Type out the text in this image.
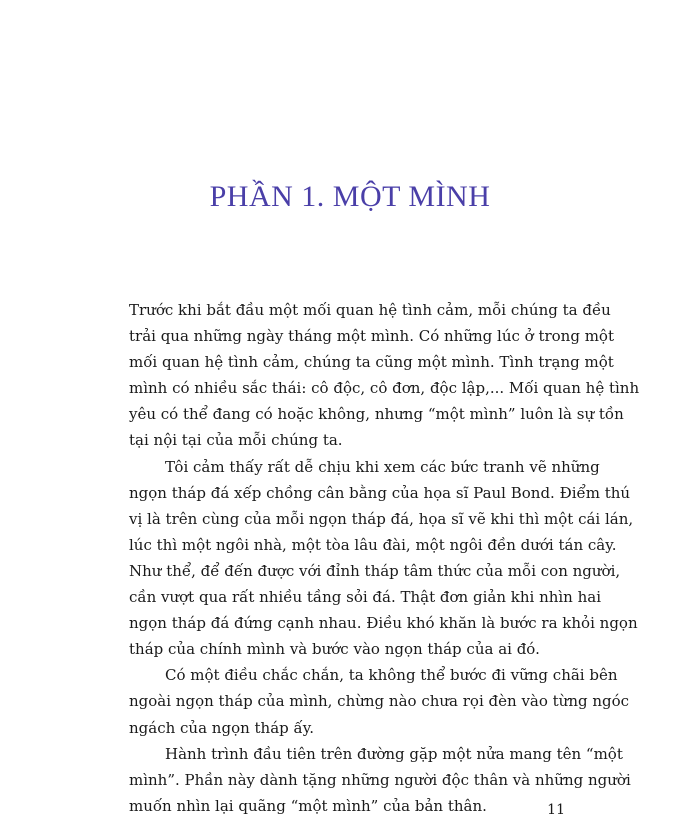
PHẦN 1. MỘT MÌNH
Trước khi bắt đầu một mối quan hệ tình cảm, mỗi chúng ta đều
trải qua những ngày tháng một mình. Có những lúc ở trong một
mối quan hệ tình cảm, chúng ta cũng một mình. Tình trạng một
mình có nhiều sắc thái: cô độc, cô đơn, độc lập,... Mối quan hệ tình
yêu có thể đang có hoặc không, nhưng “một mình” luôn là sự tồn
tại nội tại của mỗi chúng ta.
Tôi cảm thấy rất dễ chịu khi xem các bức tranh vẽ những
ngọn tháp đá xếp chồng cân bằng của họa sĩ Paul Bond. Điểm thú
vị là trên cùng của mỗi ngọn tháp đá, họa sĩ vẽ khi thì một cái lán,
lúc thì một ngôi nhà, một tòa lâu đài, một ngôi đền dưới tán cây.
Như thể, để đến được với đỉnh tháp tâm thức của mỗi con người,
cần vượt qua rất nhiều tầng sỏi đá. Thật đơn giản khi nhìn hai
ngọn tháp đá đứng cạnh nhau. Điều khó khăn là bước ra khỏi ngọn
tháp của chính mình và bước vào ngọn tháp của ai đó.
Có một điều chắc chắn, ta không thể bước đi vững chãi bên
ngoài ngọn tháp của mình, chừng nào chưa rọi đèn vào từng ngóc
ngách của ngọn tháp ấy.
Hành trình đầu tiên trên đường gặp một nửa mang tên “một
mình”. Phần này dành tặng những người độc thân và những người
muốn nhìn lại quãng “một mình” của bản thân.	11
